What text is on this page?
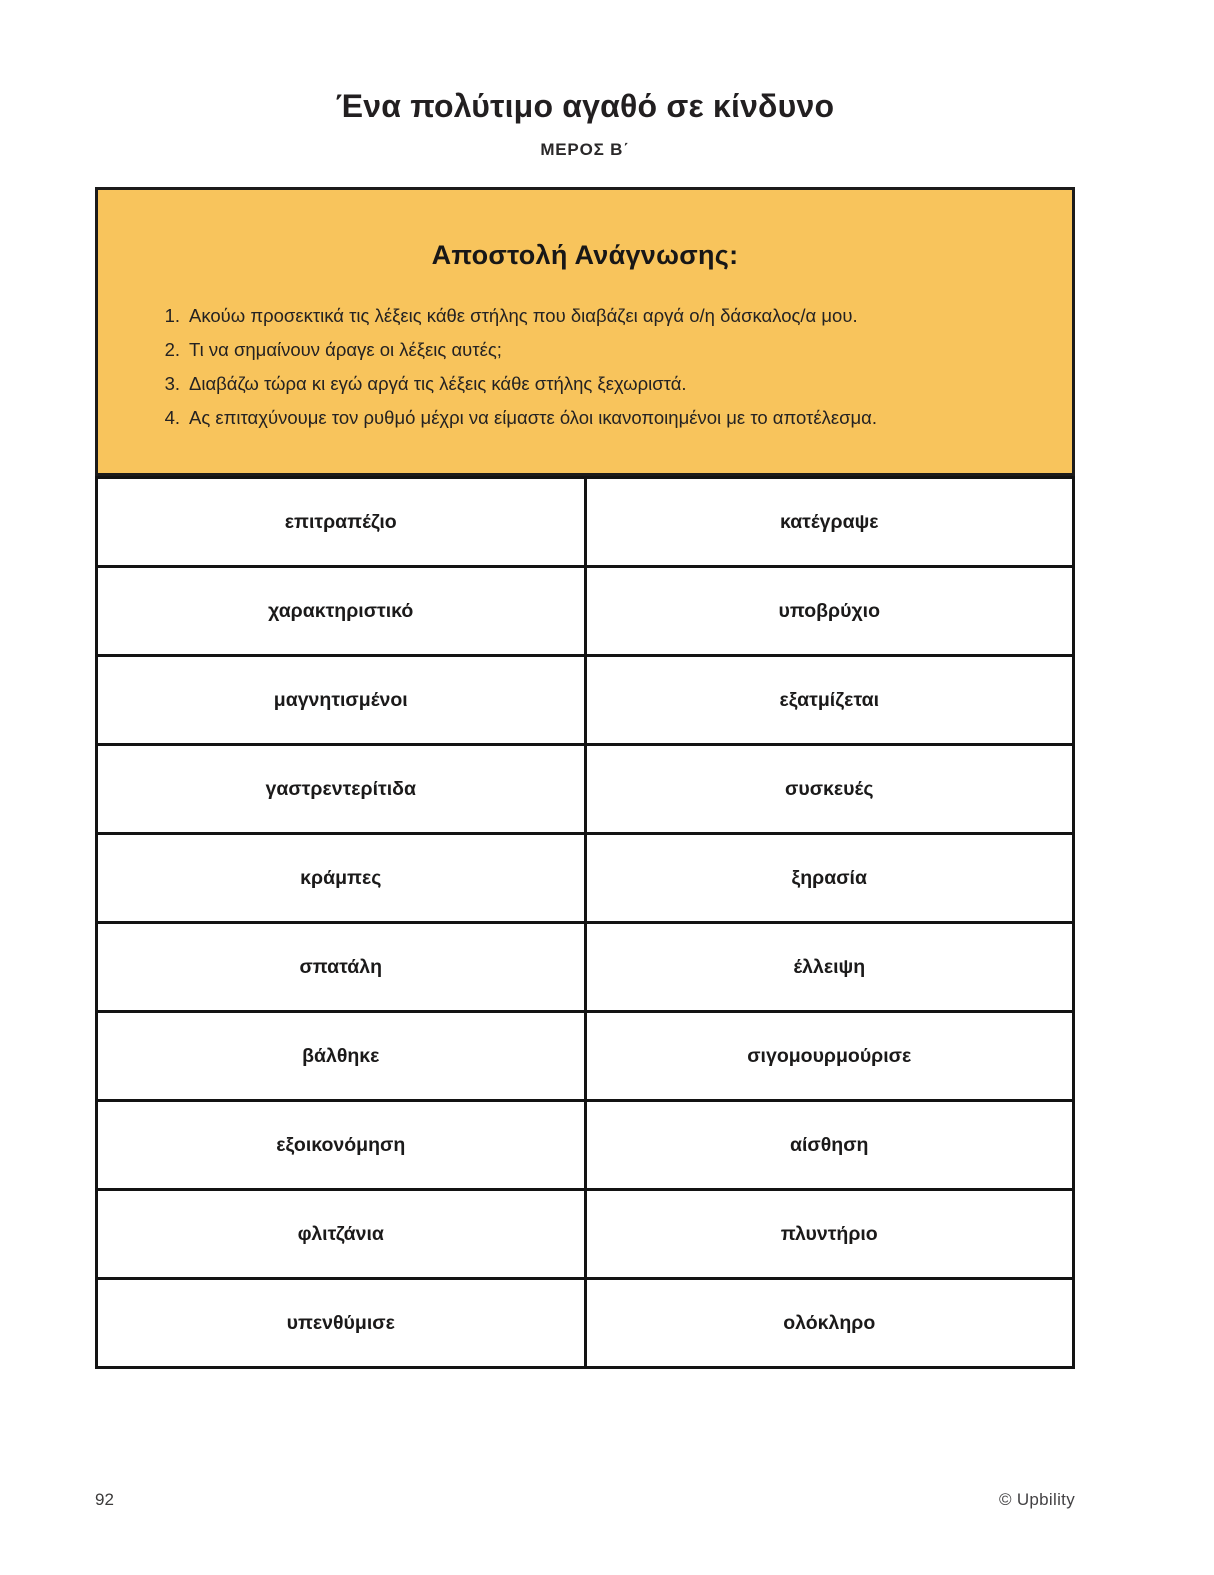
Ένα πολύτιμο αγαθό σε κίνδυνο
ΜΕΡΟΣ Β΄
Αποστολή Ανάγνωσης:
1. Ακούω προσεκτικά τις λέξεις κάθε στήλης που διαβάζει αργά ο/η δάσκαλος/α μου.
2. Τι να σημαίνουν άραγε οι λέξεις αυτές;
3. Διαβάζω τώρα κι εγώ αργά τις λέξεις κάθε στήλης ξεχωριστά.
4. Ας επιταχύνουμε τον ρυθμό μέχρι να είμαστε όλοι ικανοποιημένοι με το αποτέλεσμα.
επιτραπέζιο	κατέγραψε
χαρακτηριστικό	υποβρύχιο
μαγνητισμένοι	εξατμίζεται
γαστρεντερίτιδα	συσκευές
κράμπες	ξηρασία
σπατάλη	έλλειψη
βάλθηκε	σιγομουρμούρισε
εξοικονόμηση	αίσθηση
φλιτζάνια	πλυντήριο
υπενθύμισε	ολόκληρο
92	© Upbility
